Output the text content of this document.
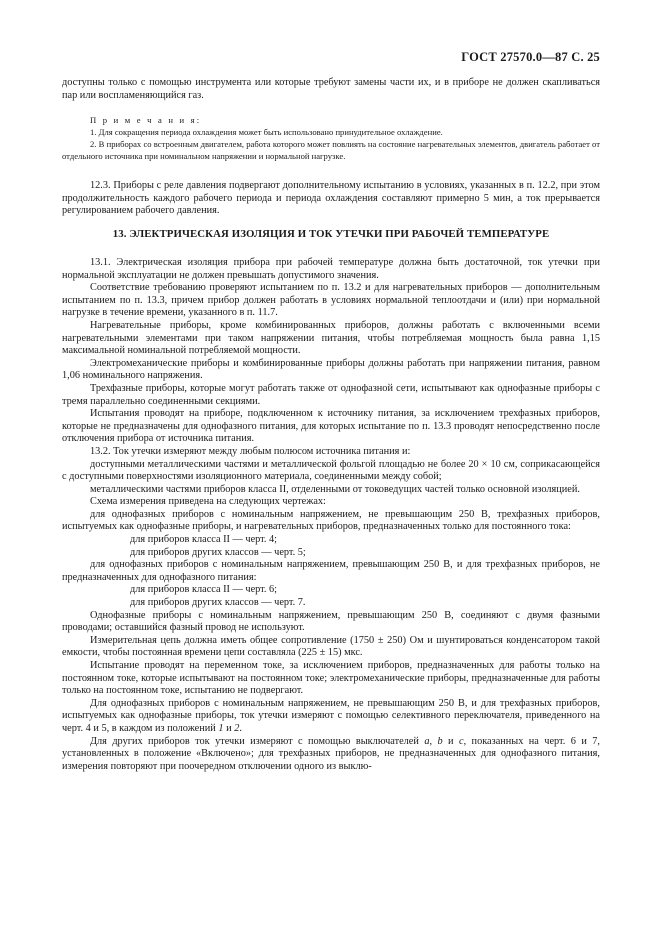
ГОСТ 27570.0—87 С. 25

доступны только с помощью инструмента или которые требуют замены части их, и в приборе не должен скапливаться пар или воспламеняющийся газ.

П р и м е ч а н и я:

1. Для сокращения периода охлаждения может быть использовано принудительное охлаждение.

2. В приборах со встроенным двигателем, работа которого может повлиять на состояние нагревательных элементов, двигатель работает от отдельного источника при номинальном напряжении и нормальной нагрузке.

12.3. Приборы с реле давления подвергают дополнительному испытанию в условиях, указанных в п. 12.2, при этом продолжительность каждого рабочего периода и периода охлаждения составляют примерно 5 мин, а ток прерывается регулированием рабочего давления.

13. ЭЛЕКТРИЧЕСКАЯ ИЗОЛЯЦИЯ И ТОК УТЕЧКИ ПРИ РАБОЧЕЙ ТЕМПЕРАТУРЕ

13.1. Электрическая изоляция прибора при рабочей температуре должна быть достаточной, ток утечки при нормальной эксплуатации не должен превышать допустимого значения.

Соответствие требованию проверяют испытанием по п. 13.2 и для нагревательных приборов — дополнительным испытанием по п. 13.3, причем прибор должен работать в условиях нормальной теплоотдачи и (или) при нормальной нагрузке в течение времени, указанного в п. 11.7.

Нагревательные приборы, кроме комбинированных приборов, должны работать с включенными всеми нагревательными элементами при таком напряжении питания, чтобы потребляемая мощность была равна 1,15 максимальной номинальной потребляемой мощности.

Электромеханические приборы и комбинированные приборы должны работать при напряжении питания, равном 1,06 номинального напряжения.

Трехфазные приборы, которые могут работать также от однофазной сети, испытывают как однофазные приборы с тремя параллельно соединенными секциями.

Испытания проводят на приборе, подключенном к источнику питания, за исключением трехфазных приборов, которые не предназначены для однофазного питания, для которых испытание по п. 13.3 проводят непосредственно после отключения прибора от источника питания.

13.2. Ток утечки измеряют между любым полюсом источника питания и:

доступными металлическими частями и металлической фольгой площадью не более 20 × 10 см, соприкасающейся с доступными поверхностями изоляционного материала, соединенными между собой;

металлическими частями приборов класса II, отделенными от токоведущих частей только основной изоляцией.

Схема измерения приведена на следующих чертежах:

для однофазных приборов с номинальным напряжением, не превышающим 250 В, трехфазных приборов, испытуемых как однофазные приборы, и нагревательных приборов, предназначенных только для постоянного тока:

для приборов класса II — черт. 4;

для приборов других классов — черт. 5;

для однофазных приборов с номинальным напряжением, превышающим 250 В, и для трехфазных приборов, не предназначенных для однофазного питания:

для приборов класса II — черт. 6;

для приборов других классов — черт. 7.

Однофазные приборы с номинальным напряжением, превышающим 250 В, соединяют с двумя фазными проводами; оставшийся фазный провод не используют.

Измерительная цепь должна иметь общее сопротивление (1750 ± 250) Ом и шунтироваться конденсатором такой емкости, чтобы постоянная времени цепи составляла (225 ± 15) мкс.

Испытание проводят на переменном токе, за исключением приборов, предназначенных для работы только на постоянном токе, которые испытывают на постоянном токе; электромеханические приборы, предназначенные для работы только на постоянном токе, испытанию не подвергают.

Для однофазных приборов с номинальным напряжением, не превышающим 250 В, и для трехфазных приборов, испытуемых как однофазные приборы, ток утечки измеряют с помощью селективного переключателя, приведенного на черт. 4 и 5, в каждом из положений 1 и 2.

Для других приборов ток утечки измеряют с помощью выключателей a, b и c, показанных на черт. 6 и 7, установленных в положение «Включено»; для трехфазных приборов, не предназначенных для однофазного питания, измерения повторяют при поочередном отключении одного из выклю-
